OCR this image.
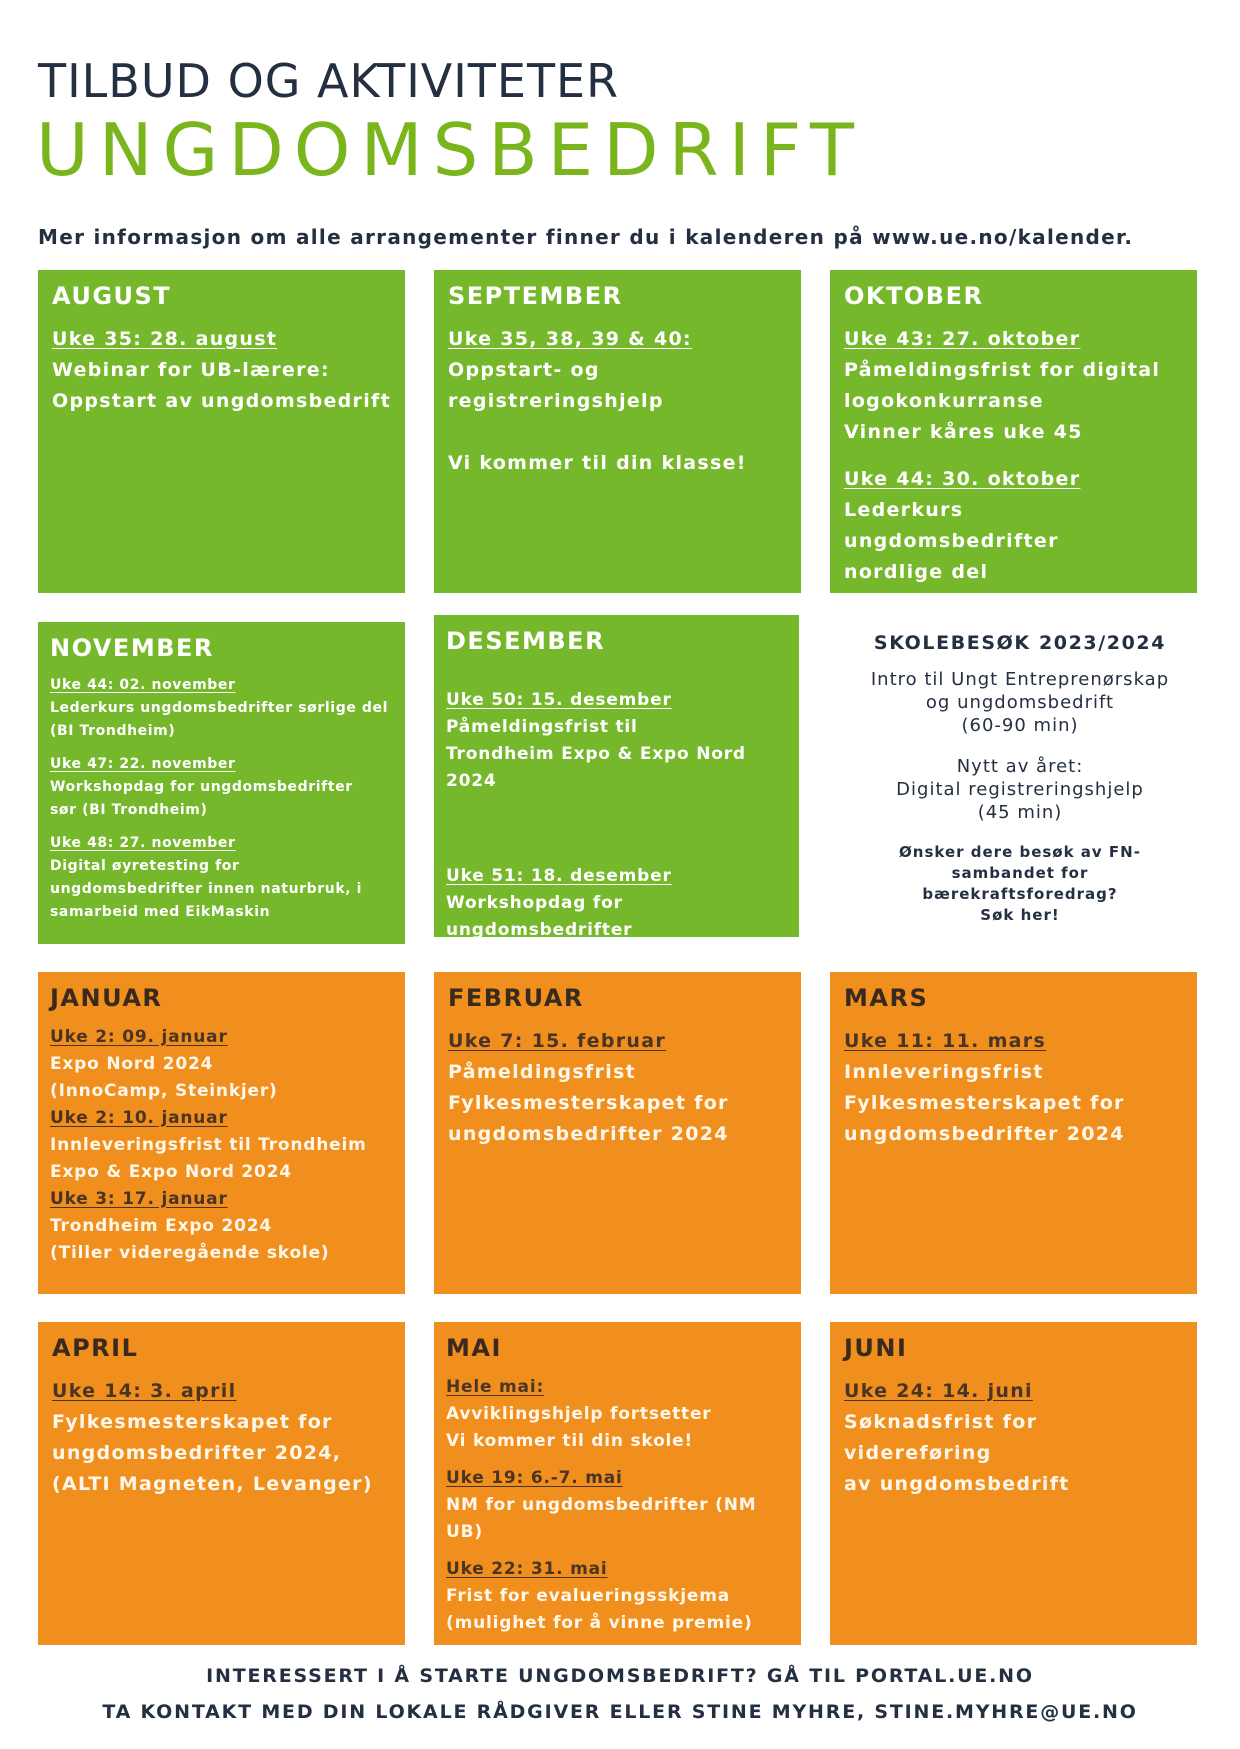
TILBUD OG AKTIVITETER
UNGDOMSBEDRIFT
Mer informasjon om alle arrangementer finner du i kalenderen på www.ue.no/kalender.
AUGUST
Uke 35: 28. august
Webinar for UB-lærere:
Oppstart av ungdomsbedrift
SEPTEMBER
Uke 35, 38, 39 & 40:
Oppstart- og
registreringshjelp

Vi kommer til din klasse!
OKTOBER
Uke 43: 27. oktober
Påmeldingsfrist for digital
logokonkurranse
Vinner kåres uke 45
Uke 44: 30. oktober
Lederkurs ungdomsbedrifter
nordlige del
NOVEMBER
Uke 44: 02. november
Lederkurs ungdomsbedrifter sørlige del
(BI Trondheim)
Uke 47: 22. november
Workshopdag for ungdomsbedrifter
sør (BI Trondheim)
Uke 48: 27. november
Digital øyretesting for
ungdomsbedrifter innen naturbruk, i
samarbeid med EikMaskin
DESEMBER
Uke 50: 15. desember
Påmeldingsfrist til
Trondheim Expo & Expo Nord 2024
Uke 51: 18. desember
Workshopdag for ungdomsbedrifter
nord (InnoCamp)
SKOLEBESØK 2023/2024
Intro til Ungt Entreprenørskap
og ungdomsbedrift
(60-90 min)
Nytt av året:
Digital registreringshjelp
(45 min)
Ønsker dere besøk av FN-
sambandet for
bærekraftsforedrag?
Søk her!
JANUAR
Uke 2: 09. januar
Expo Nord 2024
(InnoCamp, Steinkjer)
Uke 2: 10. januar
Innleveringsfrist til Trondheim
Expo & Expo Nord 2024
Uke 3: 17. januar
Trondheim Expo 2024
(Tiller videregående skole)
FEBRUAR
Uke 7: 15. februar
Påmeldingsfrist
Fylkesmesterskapet for
ungdomsbedrifter 2024
MARS
Uke 11: 11. mars
Innleveringsfrist
Fylkesmesterskapet for
ungdomsbedrifter 2024
APRIL
Uke 14: 3. april
Fylkesmesterskapet for
ungdomsbedrifter 2024,
(ALTI Magneten, Levanger)
MAI
Hele mai:
Avviklingshjelp fortsetter
Vi kommer til din skole!
Uke 19: 6.-7. mai
NM for ungdomsbedrifter (NM UB)
Uke 22: 31. mai
Frist for evalueringsskjema
(mulighet for å vinne premie)
JUNI
Uke 24: 14. juni
Søknadsfrist for videreføring
av ungdomsbedrift
INTERESSERT I Å STARTE UNGDOMSBEDRIFT? GÅ TIL PORTAL.UE.NO
TA KONTAKT MED DIN LOKALE RÅDGIVER ELLER STINE MYHRE, STINE.MYHRE@UE.NO
